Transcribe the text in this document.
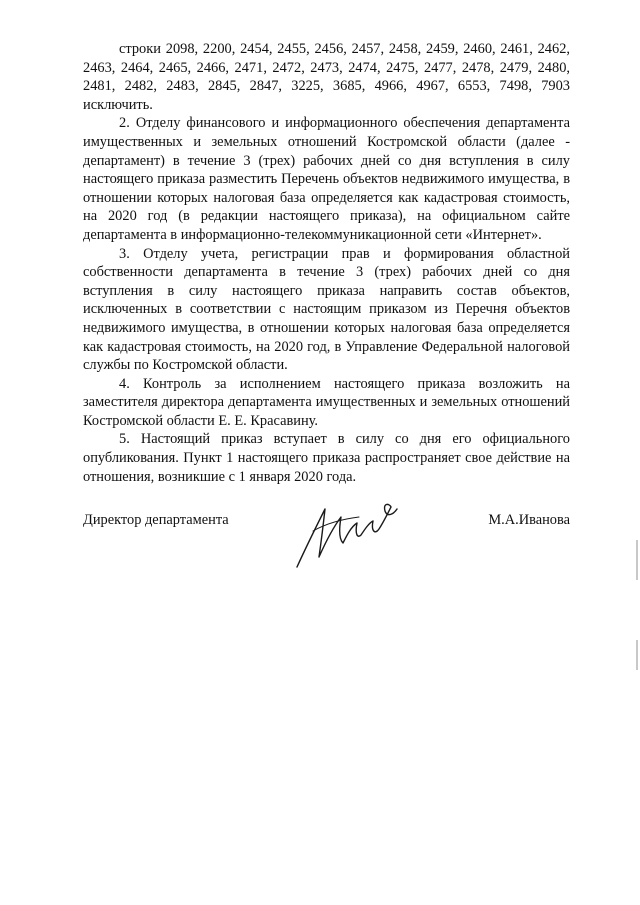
строки 2098, 2200, 2454, 2455, 2456, 2457, 2458, 2459, 2460, 2461, 2462, 2463, 2464, 2465, 2466, 2471, 2472, 2473, 2474, 2475, 2477, 2478, 2479, 2480, 2481, 2482, 2483, 2845, 2847, 3225, 3685, 4966, 4967, 6553, 7498, 7903 исключить.

2. Отделу финансового и информационного обеспечения департамента имущественных и земельных отношений Костромской области (далее - департамент) в течение 3 (трех) рабочих дней со дня вступления в силу настоящего приказа разместить Перечень объектов недвижимого имущества, в отношении которых налоговая база определяется как кадастровая стоимость, на 2020 год (в редакции настоящего приказа), на официальном сайте департамента в информационно-телекоммуникационной сети «Интернет».

3. Отделу учета, регистрации прав и формирования областной собственности департамента в течение 3 (трех) рабочих дней со дня вступления в силу настоящего приказа направить состав объектов, исключенных в соответствии с настоящим приказом из Перечня объектов недвижимого имущества, в отношении которых налоговая база определяется как кадастровая стоимость, на 2020 год, в Управление Федеральной налоговой службы по Костромской области.

4. Контроль за исполнением настоящего приказа возложить на заместителя директора департамента имущественных и земельных отношений Костромской области Е. Е. Красавину.

5. Настоящий приказ вступает в силу со дня его официального опубликования. Пункт 1 настоящего приказа распространяет свое действие на отношения, возникшие с 1 января 2020 года.

Директор департамента	М.А.Иванова
